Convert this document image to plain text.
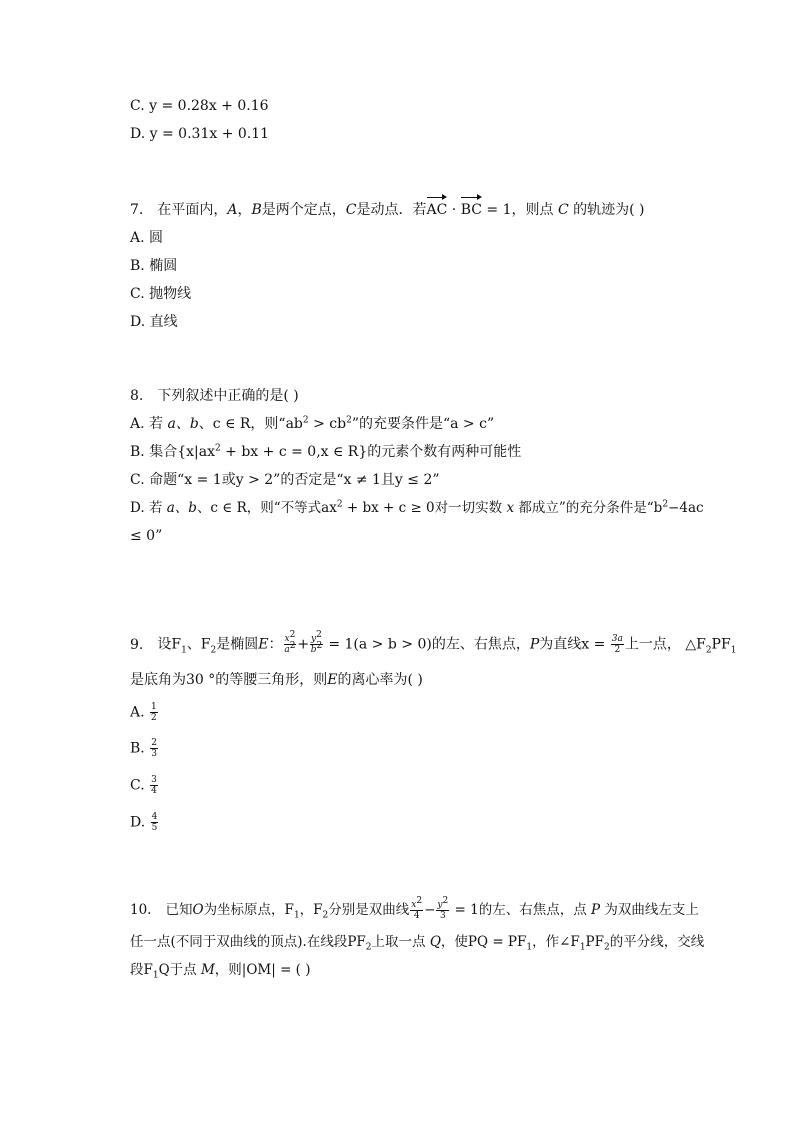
C. y = 0.28x + 0.16
D. y = 0.31x + 0.11
7. 在平面内，A，B是两个定点，C是动点．若AC · BC = 1，则点 C 的轨迹为( )
A. 圆
B. 椭圆
C. 抛物线
D. 直线
8. 下列叙述中正确的是( )
A. 若 a、b、c ∈ R，则“$ab^2 > cb^2$”的充要条件是“a > c”
B. 集合{$x|ax^2$ + bx + c = 0,x ∈ R}的元素个数有两种可能性
C. 命题“x = 1或y > 2”的否定是“x ≠ 1且y ≤ 2”
D. 若 a、b、c ∈ R，则“不等式$ax^2$ + bx + c ≥ 0对一切实数 x 都成立”的充分条件是“$b^2-4ac$
≤ 0”
9. 设$F_1$、$F_2$是椭圆E： $\frac{x^2}{a^2} + \frac{y^2}{b^2} = 1(a > b > 0)$的左、右焦点，P为直线$x = \frac{3a}{2}$ 上一点， $\triangle F_2PF_1$
是底角为30 °的等腰三角形，则E的离心率为( )
A. $\frac{1}{2}$
B. $\frac{2}{3}$
C. $\frac{3}{4}$
D. $\frac{4}{5}$
10. 已知O为坐标原点，$F_1$，$F_2$分别是双曲线 $\frac{x^2}{4} - \frac{y^2}{3} = 1$的左、右焦点，点 P 为双曲线左支上
任一点(不同于双曲线的顶点).在线段$PF_2$上取一点 Q，使PQ = $PF_1$，作$\angle F_1PF_2$的平分线，交线
段$F_1Q$于点 M，则|OM| = ( )
